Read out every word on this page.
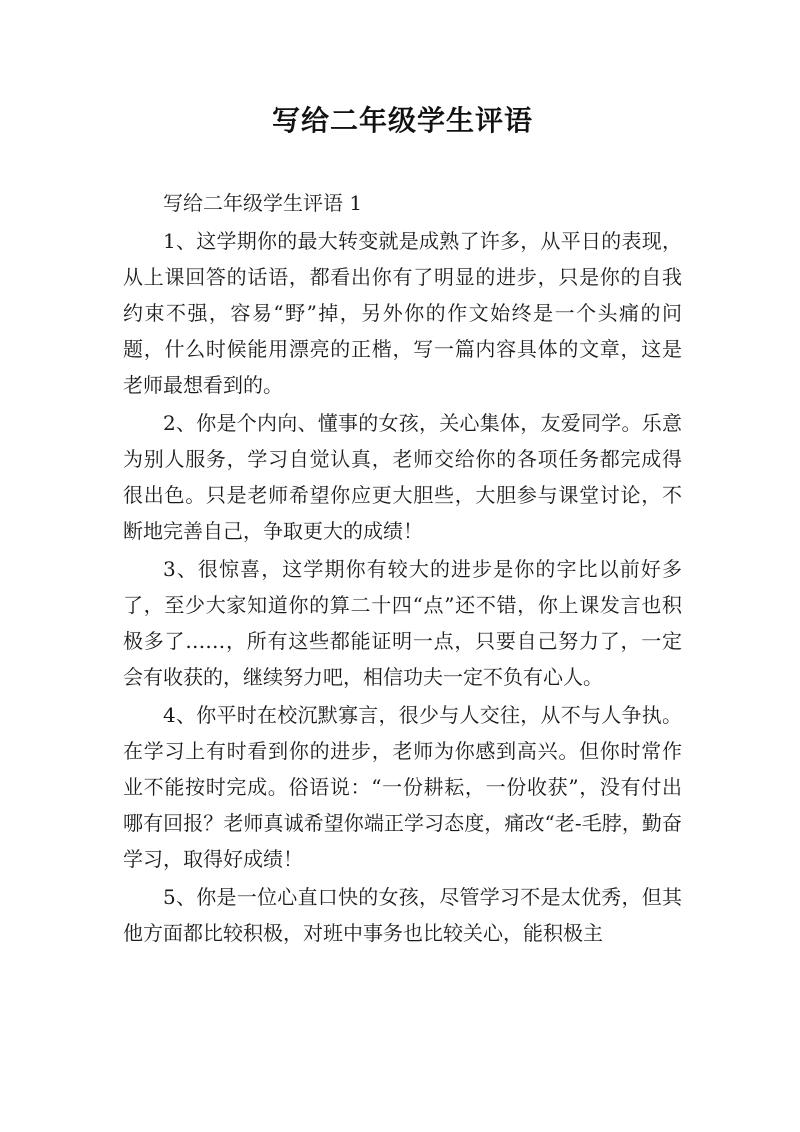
写给二年级学生评语

写给二年级学生评语 1

1、这学期你的最大转变就是成熟了许多，从平日的表现，从上课回答的话语，都看出你有了明显的进步，只是你的自我约束不强，容易“野”掉，另外你的作文始终是一个头痛的问题，什么时候能用漂亮的正楷，写一篇内容具体的文章，这是老师最想看到的。

2、你是个内向、懂事的女孩，关心集体，友爱同学。乐意为别人服务，学习自觉认真，老师交给你的各项任务都完成得很出色。只是老师希望你应更大胆些，大胆参与课堂讨论，不断地完善自己，争取更大的成绩！

3、很惊喜，这学期你有较大的进步是你的字比以前好多了，至少大家知道你的算二十四“点”还不错，你上课发言也积极多了……，所有这些都能证明一点，只要自己努力了，一定会有收获的，继续努力吧，相信功夫一定不负有心人。

4、你平时在校沉默寡言，很少与人交往，从不与人争执。在学习上有时看到你的进步，老师为你感到高兴。但你时常作业不能按时完成。俗语说：“一份耕耘，一份收获”，没有付出哪有回报？老师真诚希望你端正学习态度，痛改“老-毛脖，勤奋学习，取得好成绩！

5、你是一位心直口快的女孩，尽管学习不是太优秀，但其他方面都比较积极，对班中事务也比较关心，能积极主
